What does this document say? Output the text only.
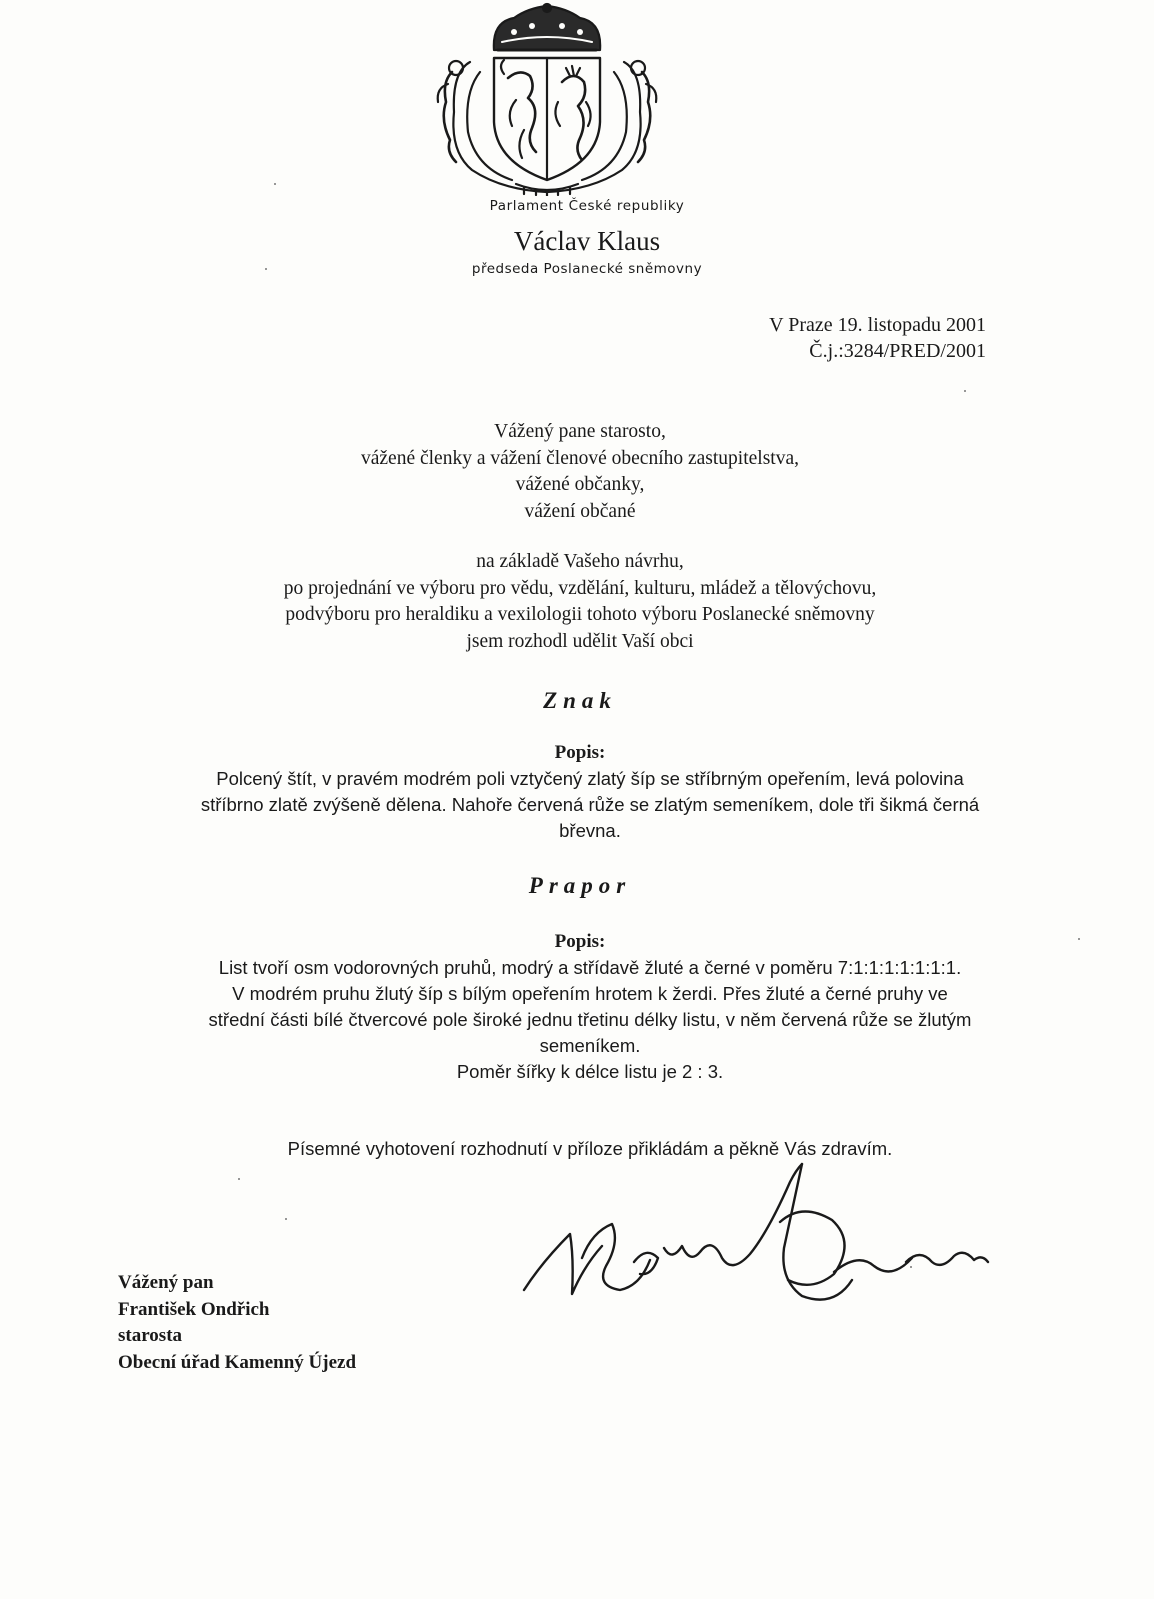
Parlament České republiky
Václav Klaus
předseda Poslanecké sněmovny
V Praze 19. listopadu 2001
Č.j.:3284/PRED/2001
Vážený pane starosto,
vážené členky a vážení členové obecního zastupitelstva,
vážené občanky,
vážení občané
na základě Vašeho návrhu,
po projednání ve výboru pro vědu, vzdělání, kulturu, mládež a tělovýchovu,
podvýboru pro heraldiku a vexilologii tohoto výboru Poslanecké sněmovny
jsem rozhodl udělit Vaší obci
Znak
Popis:
Polcený štít, v pravém modrém poli vztyčený zlatý šíp se stříbrným opeřením, levá polovina
stříbrno zlatě zvýšeně dělena. Nahoře červená růže se zlatým semeníkem, dole tři šikmá černá
břevna.
Prapor
Popis:
List tvoří osm vodorovných pruhů, modrý a střídavě žluté a černé v poměru 7:1:1:1:1:1:1:1.
V modrém pruhu žlutý šíp s bílým opeřením hrotem k žerdi. Přes žluté a černé pruhy ve
střední části bílé čtvercové pole široké jednu třetinu délky listu, v něm červená růže se žlutým
semeníkem.
Poměr šířky k délce listu je 2 : 3.
Písemné vyhotovení rozhodnutí v příloze přikládám a pěkně Vás zdravím.
Vážený pan
František Ondřich
starosta
Obecní úřad Kamenný Újezd
